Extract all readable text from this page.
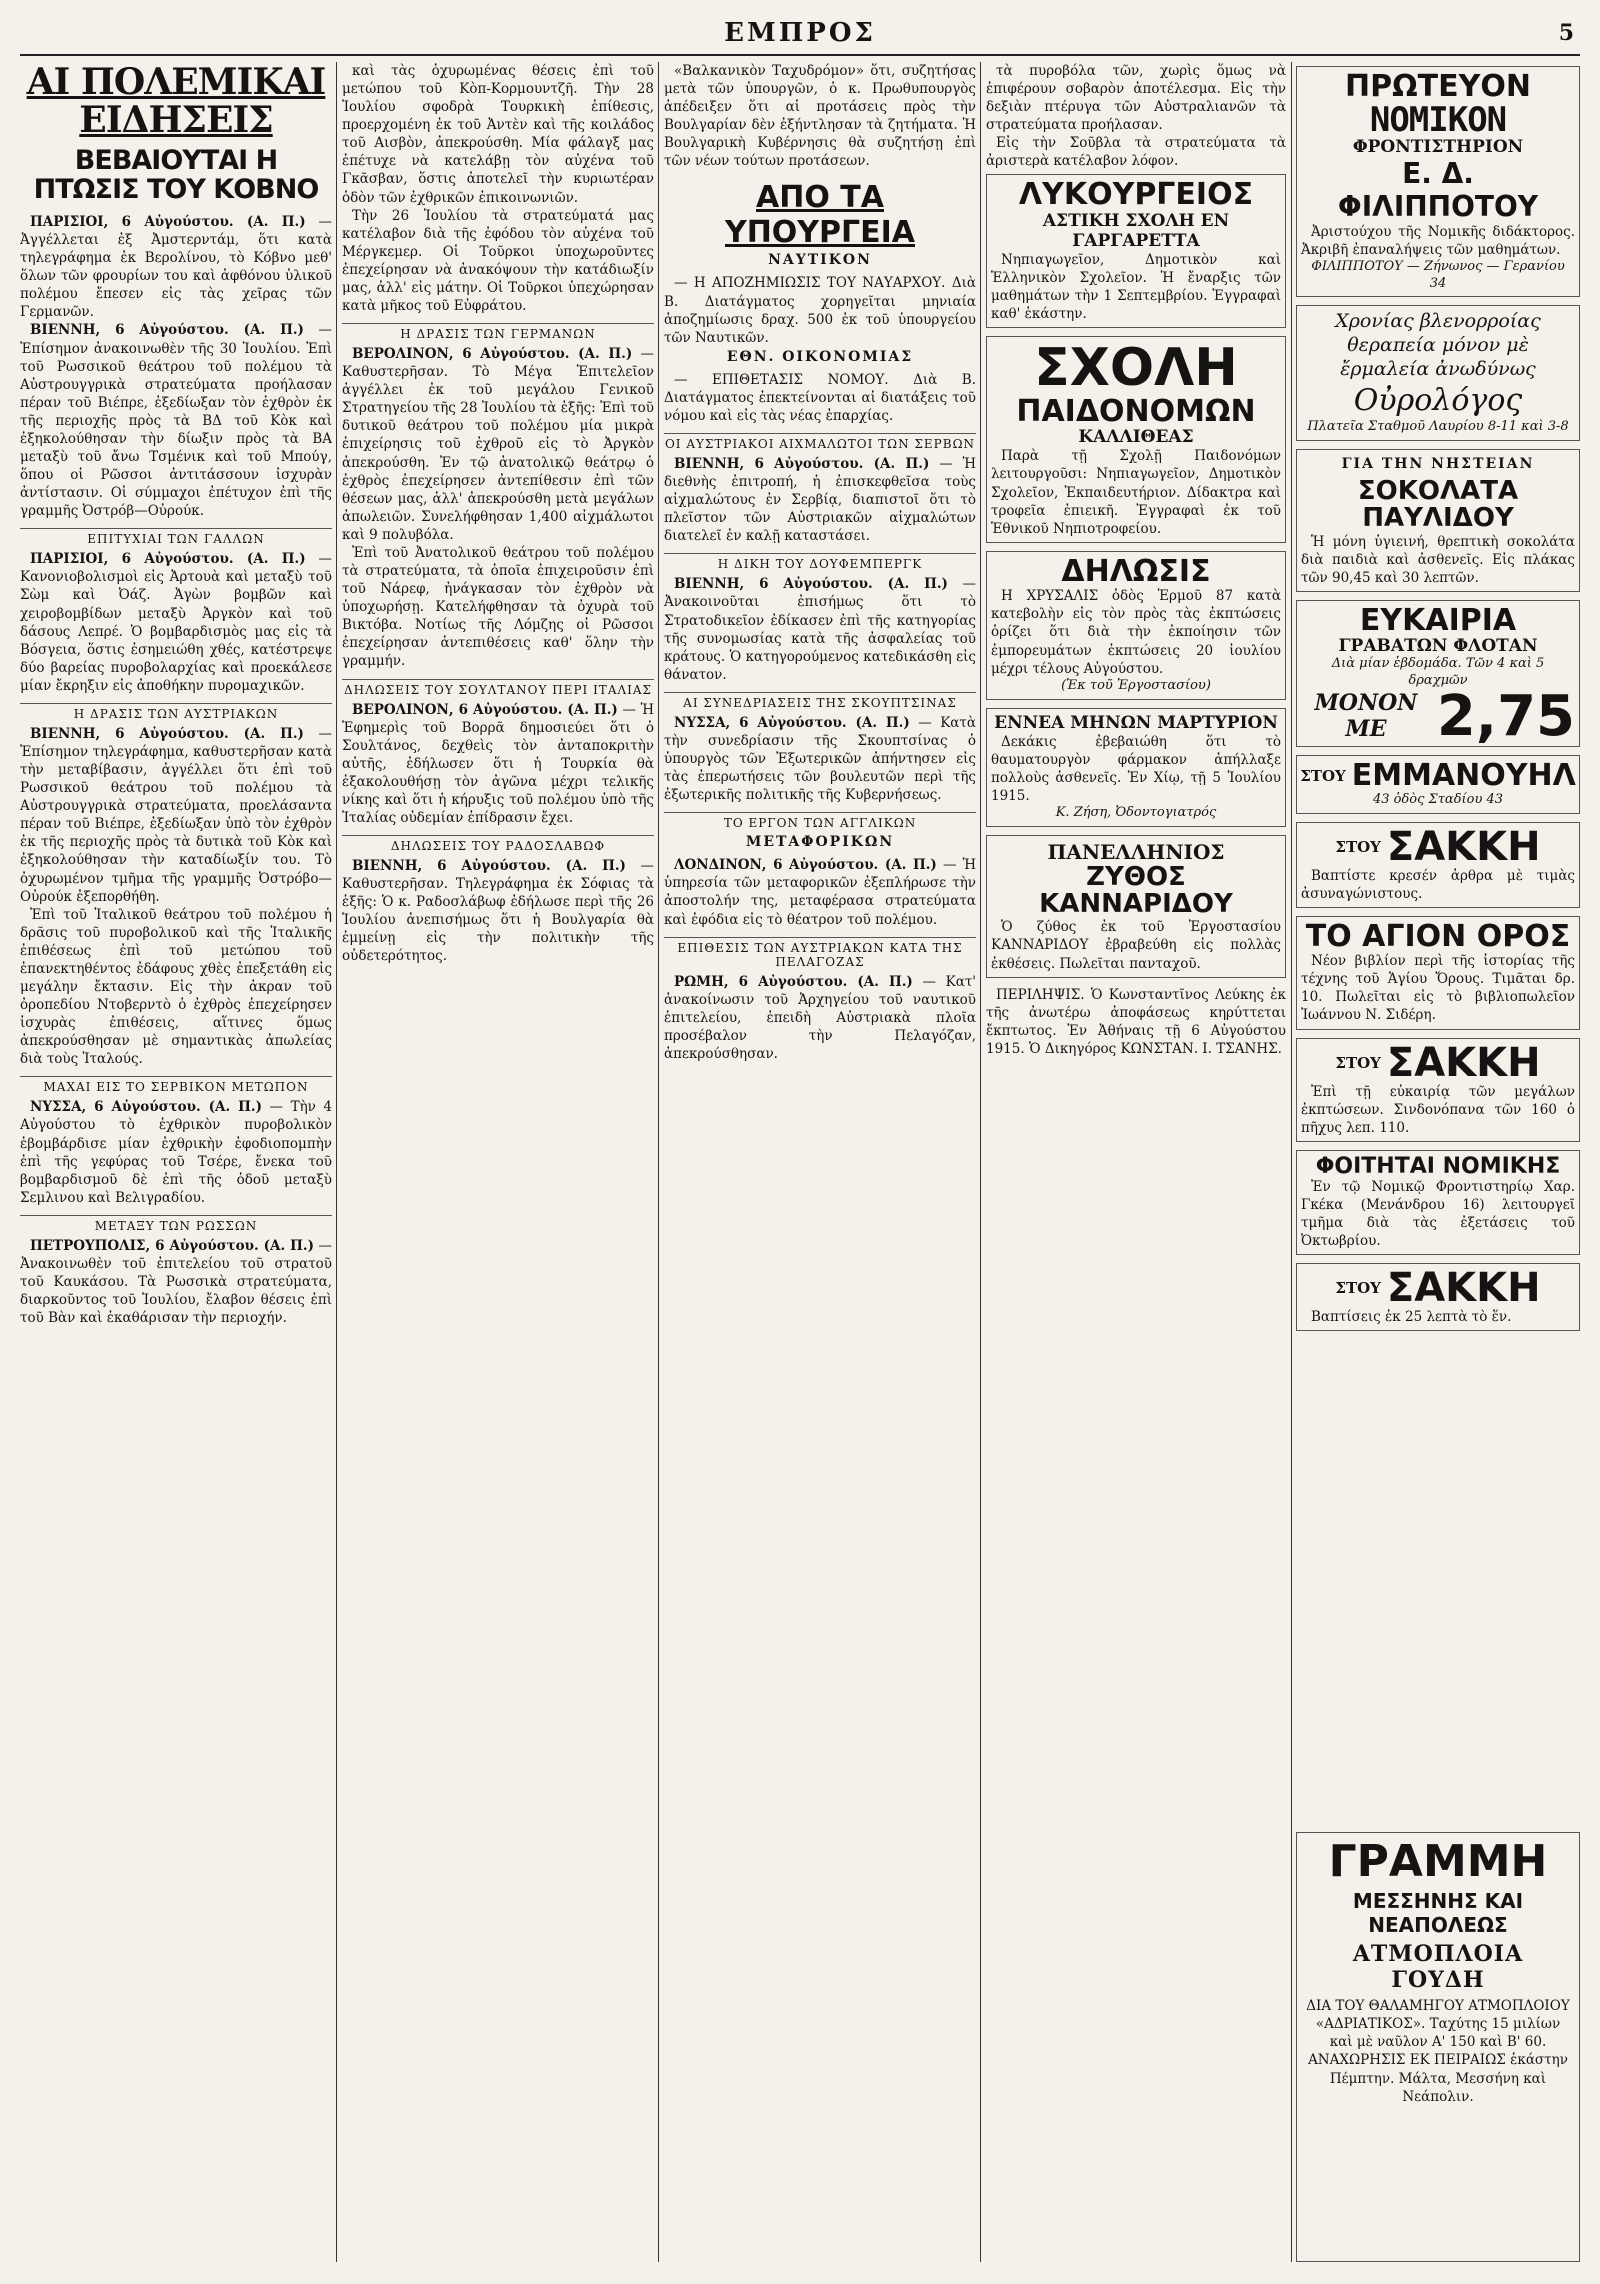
ΕΜΠΡΟΣ	5
ΑΙ ΠΟΛΕΜΙΚΑΙ ΕΙΔΗΣΕΙΣ
ΒΕΒΑΙΟΥΤΑΙ Η ΠΤΩΣΙΣ ΤΟΥ ΚΟΒΝΟ

ΠΑΡΙΣΙΟΙ, 6 Αὐγούστου. (Α. Π.) — Ἀγγέλλεται ἐξ Ἀμστερντάμ, ὅτι κατὰ τηλεγράφημα ἐκ Βερολίνου, τὸ Κόβνο μεθ' ὅλων τῶν φρουρίων του καὶ ἀφθόνου ὑλικοῦ πολέμου ἔπεσεν εἰς τὰς χεῖρας τῶν Γερμανῶν.

ΒΙΕΝΝΗ, 6 Αὐγούστου. (Α. Π.) — Ἐπίσημον ἀνακοινωθὲν τῆς 30 Ἰουλίου. Ἐπὶ τοῦ Ρωσσικοῦ θεάτρου τοῦ πολέμου τὰ Αὐστρουγγρικὰ στρατεύματα προήλασαν πέραν τοῦ Βιέπρε, ἐξεδίωξαν τὸν ἐχθρὸν ἐκ τῆς περιοχῆς πρὸς τὰ ΒΔ τοῦ Κὸκ καὶ ἐξηκολούθησαν τὴν δίωξιν πρὸς τὰ ΒΑ μεταξὺ τοῦ ἄνω Τσμένικ καὶ τοῦ Μπούγ, ὅπου οἱ Ρῶσσοι ἀντιτάσσουν ἰσχυρὰν ἀντίστασιν. Οἱ σύμμαχοι ἐπέτυχον ἐπὶ τῆς γραμμῆς Ὀστρόβ—Οὐρούκ.

ΕΠΙΤΥΧΙΑΙ ΤΩΝ ΓΑΛΛΩΝ

ΠΑΡΙΣΙΟΙ, 6 Αὐγούστου. (Α. Π.) — Κανονιοβολισμοὶ εἰς Ἀρτουὰ καὶ μεταξὺ τοῦ Σὼμ καὶ Ὀάζ. Ἀγὼν βομβῶν καὶ χειροβομβίδων μεταξὺ Ἀργκὸν καὶ τοῦ δάσους Λεπρέ. Ὁ βομβαρδισμὸς μας εἰς τὰ Βόσγεια, ὅστις ἐσημειώθη χθές, κατέστρεψε δύο βαρείας πυροβολαρχίας καὶ προεκάλεσε μίαν ἔκρηξιν εἰς ἀποθήκην πυρομαχικῶν.

Η ΔΡΑΣΙΣ ΤΩΝ ΑΥΣΤΡΙΑΚΩΝ

ΒΙΕΝΝΗ, 6 Αὐγούστου. (Α. Π.) — Ἐπίσημον τηλεγράφημα, καθυστερῆσαν κατὰ τὴν μεταβίβασιν, ἀγγέλλει ὅτι ἐπὶ τοῦ Ρωσσικοῦ θεάτρου τοῦ πολέμου τὰ Αὐστρουγγρικὰ στρατεύματα, προελάσαντα πέραν τοῦ Βιέπρε, ἐξεδίωξαν ὑπὸ τὸν ἐχθρὸν ἐκ τῆς περιοχῆς πρὸς τὰ δυτικὰ τοῦ Κὸκ καὶ ἐξηκολούθησαν τὴν καταδίωξίν του. Τὸ ὀχυρωμένον τμῆμα τῆς γραμμῆς Ὀστρόβο—Οὐρούκ ἐξεπορθήθη.

Ἐπὶ τοῦ Ἰταλικοῦ θεάτρου τοῦ πολέμου ἡ δρᾶσις τοῦ πυροβολικοῦ καὶ τῆς Ἰταλικῆς ἐπιθέσεως ἐπὶ τοῦ μετώπου τοῦ ἐπανεκτηθέντος ἐδάφους χθὲς ἐπεξετάθη εἰς μεγάλην ἔκτασιν. Εἰς τὴν ἀκραν τοῦ ὀροπεδίου Ντοβερντὸ ὁ ἐχθρὸς ἐπεχείρησεν ἰσχυρὰς ἐπιθέσεις, αἵτινες ὅμως ἀπεκρούσθησαν μὲ σημαντικὰς ἀπωλείας διὰ τοὺς Ἰταλούς.

ΜΑΧΑΙ ΕΙΣ ΤΟ ΣΕΡΒΙΚΟΝ ΜΕΤΩΠΟΝ

ΝΥΣΣΑ, 6 Αὐγούστου. (Α. Π.) — Τὴν 4 Αὐγούστου τὸ ἐχθρικὸν πυροβολικὸν ἐβομβάρδισε μίαν ἐχθρικὴν ἐφοδιοπομπὴν ἐπὶ τῆς γεφύρας τοῦ Τσέρε, ἔνεκα τοῦ βομβαρδισμοῦ δὲ ἐπὶ τῆς ὁδοῦ μεταξὺ Σεμλινου καὶ Βελιγραδίου.

ΜΕΤΑΞΥ ΤΩΝ ΡΩΣΣΩΝ

ΠΕΤΡΟΥΠΟΛΙΣ, 6 Αὐγούστου. (Α. Π.) — Ἀνακοινωθὲν τοῦ ἐπιτελείου τοῦ στρατοῦ τοῦ Καυκάσου. Τὰ Ρωσσικὰ στρατεύματα, διαρκοῦντος τοῦ Ἰουλίου, ἔλαβον θέσεις ἐπὶ τοῦ Βὰν καὶ ἐκαθάρισαν τὴν περιοχήν.

καὶ τὰς ὀχυρωμένας θέσεις ἐπὶ τοῦ μετώπου τοῦ Κὸπ-Κορμουντζῆ. Τὴν 28 Ἰουλίου σφοδρὰ Τουρκικὴ ἐπίθεσις, προερχομένη ἐκ τοῦ Ἀντὲν καὶ τῆς κοιλάδος τοῦ Αισβὸν, ἀπεκρούσθη. Μία φάλαγξ μας ἐπέτυχε νὰ κατελάβῃ τὸν αὐχένα τοῦ Γκᾶσβαν, ὅστις ἀποτελεῖ τὴν κυριωτέραν ὁδὸν τῶν ἐχθρικῶν ἐπικοινωνιῶν.

Τὴν 26 Ἰουλίου τὰ στρατεύματά μας κατέλαβον διὰ τῆς ἐφόδου τὸν αὐχένα τοῦ Μέργκεμερ. Οἱ Τοῦρκοι ὑποχωροῦντες ἐπεχείρησαν νὰ ἀνακόψουν τὴν κατάδιωξίν μας, ἀλλ' εἰς μάτην. Οἱ Τοῦρκοι ὑπεχώρησαν κατὰ μῆκος τοῦ Εὐφράτου.

Η ΔΡΑΣΙΣ ΤΩΝ ΓΕΡΜΑΝΩΝ

ΒΕΡΟΛΙΝΟΝ, 6 Αὐγούστου. (Α. Π.) — Καθυστερῆσαν. Τὸ Μέγα Ἐπιτελεῖον ἀγγέλλει ἐκ τοῦ μεγάλου Γενικοῦ Στρατηγείου τῆς 28 Ἰουλίου τὰ ἑξῆς: Ἐπὶ τοῦ δυτικοῦ θεάτρου τοῦ πολέμου μία μικρὰ ἐπιχείρησις τοῦ ἐχθροῦ εἰς τὸ Ἀργκὸν ἀπεκρούσθη. Ἐν τῷ ἀνατολικῷ θεάτρῳ ὁ ἐχθρὸς ἐπεχείρησεν ἀντεπίθεσιν ἐπὶ τῶν θέσεων μας, ἀλλ' ἀπεκρούσθη μετὰ μεγάλων ἀπωλειῶν. Συνελήφθησαν 1,400 αἰχμάλωτοι καὶ 9 πολυβόλα.

Ἐπὶ τοῦ Ἀνατολικοῦ θεάτρου τοῦ πολέμου τὰ στρατεύματα, τὰ ὁποῖα ἐπιχειροῦσιν ἐπὶ τοῦ Νάρεφ, ἠνάγκασαν τὸν ἐχθρὸν νὰ ὑποχωρήσῃ. Κατελήφθησαν τὰ ὀχυρὰ τοῦ Βικτόβα. Νοτίως τῆς Λόμζης οἱ Ρῶσσοι ἐπεχείρησαν ἀντεπιθέσεις καθ' ὅλην τὴν γραμμήν.

ΔΗΛΩΣΕΙΣ ΤΟΥ ΣΟΥΛΤΑΝΟΥ ΠΕΡΙ ΙΤΑΛΙΑΣ

ΒΕΡΟΛΙΝΟΝ, 6 Αὐγούστου. (Α. Π.) — Ἡ Ἐφημερὶς τοῦ Βορρᾶ δημοσιεύει ὅτι ὁ Σουλτάνος, δεχθεὶς τὸν ἀνταποκριτὴν αὐτῆς, ἐδήλωσεν ὅτι ἡ Τουρκία θὰ ἐξακολουθήσῃ τὸν ἀγῶνα μέχρι τελικῆς νίκης καὶ ὅτι ἡ κήρυξις τοῦ πολέμου ὑπὸ τῆς Ἰταλίας οὐδεμίαν ἐπίδρασιν ἔχει.

ΔΗΛΩΣΕΙΣ ΤΟΥ ΡΑΔΟΣΛΑΒΩΦ

ΒΙΕΝΝΗ, 6 Αὐγούστου. (Α. Π.) — Καθυστερῆσαν. Τηλεγράφημα ἐκ Σόφιας τὰ ἑξῆς: Ὁ κ. Ραδοσλάβωφ ἐδήλωσε περὶ τῆς 26 Ἰουλίου ἀνεπισήμως ὅτι ἡ Βουλγαρία θὰ ἐμμείνῃ εἰς τὴν πολιτικὴν τῆς οὐδετερότητος.

«Βαλκανικὸν Ταχυδρόμον» ὅτι, συζητήσας μετὰ τῶν ὑπουργῶν, ὁ κ. Πρωθυπουργὸς ἀπέδειξεν ὅτι αἱ προτάσεις πρὸς τὴν Βουλγαρίαν δὲν ἐξήντλησαν τὰ ζητήματα. Ἡ Βουλγαρικὴ Κυβέρνησις θὰ συζητήσῃ ἐπὶ τῶν νέων τούτων προτάσεων.

ΑΠΟ ΤΑ ΥΠΟΥΡΓΕΙΑ
ΝΑΥΤΙΚΟΝ

— Η ΑΠΟΖΗΜΙΩΣΙΣ ΤΟΥ ΝΑΥΑΡΧΟΥ. Διὰ Β. Διατάγματος χορηγεῖται μηνιαία ἀποζημίωσις δραχ. 500 ἐκ τοῦ ὑπουργείου τῶν Ναυτικῶν.

ΕΘΝ. ΟΙΚΟΝΟΜΙΑΣ

— ΕΠΙΘΕΤΑΣΙΣ ΝΟΜΟΥ. Διὰ Β. Διατάγματος ἐπεκτείνονται αἱ διατάξεις τοῦ νόμου καὶ εἰς τὰς νέας ἐπαρχίας.

ΟΙ ΑΥΣΤΡΙΑΚΟΙ ΑΙΧΜΑΛΩΤΟΙ ΤΩΝ ΣΕΡΒΩΝ

ΒΙΕΝΝΗ, 6 Αὐγούστου. (Α. Π.) — Ἡ διεθνὴς ἐπιτροπή, ἡ ἐπισκεφθεῖσα τοὺς αἰχμαλώτους ἐν Σερβίᾳ, διαπιστοῖ ὅτι τὸ πλεῖστον τῶν Αὐστριακῶν αἰχμαλώτων διατελεῖ ἐν καλῇ καταστάσει.

Η ΔΙΚΗ ΤΟΥ ΔΟΥΦΕΜΠΕΡΓΚ

ΒΙΕΝΝΗ, 6 Αὐγούστου. (Α. Π.) — Ἀνακοινοῦται ἐπισήμως ὅτι τὸ Στρατοδικεῖον ἐδίκασεν ἐπὶ τῆς κατηγορίας τῆς συνομωσίας κατὰ τῆς ἀσφαλείας τοῦ κράτους. Ὁ κατηγορούμενος κατεδικάσθη εἰς θάνατον.

ΑΙ ΣΥΝΕΔΡΙΑΣΕΙΣ ΤΗΣ ΣΚΟΥΠΤΣΙΝΑΣ

ΝΥΣΣΑ, 6 Αὐγούστου. (Α. Π.) — Κατὰ τὴν συνεδρίασιν τῆς Σκουπτσίνας ὁ ὑπουργὸς τῶν Ἐξωτερικῶν ἀπήντησεν εἰς τὰς ἐπερωτήσεις τῶν βουλευτῶν περὶ τῆς ἐξωτερικῆς πολιτικῆς τῆς Κυβερνήσεως.

ΤΟ ΕΡΓΟΝ ΤΩΝ ΑΓΓΛΙΚΩΝ
ΜΕΤΑΦΟΡΙΚΩΝ

ΛΟΝΔΙΝΟΝ, 6 Αὐγούστου. (Α. Π.) — Ἡ ὑπηρεσία τῶν μεταφορικῶν ἐξεπλήρωσε τὴν ἀποστολήν της, μεταφέρασα στρατεύματα καὶ ἐφόδια εἰς τὸ θέατρον τοῦ πολέμου.

ΕΠΙΘΕΣΙΣ ΤΩΝ ΑΥΣΤΡΙΑΚΩΝ ΚΑΤΑ ΤΗΣ ΠΕΛΑΓΟΖΑΣ

ΡΩΜΗ, 6 Αὐγούστου. (Α. Π.) — Κατ' ἀνακοίνωσιν τοῦ Ἀρχηγείου τοῦ ναυτικοῦ ἐπιτελείου, ἐπειδὴ Αὐστριακὰ πλοῖα προσέβαλον τὴν Πελαγόζαν, ἀπεκρούσθησαν.

τὰ πυροβόλα τῶν, χωρὶς ὅμως νὰ ἐπιφέρουν σοβαρὸν ἀποτέλεσμα. Εἰς τὴν δεξιὰν πτέρυγα τῶν Αὐστραλιανῶν τὰ στρατεύματα προήλασαν.

Εἰς τὴν Σοῦβλα τὰ στρατεύματα τὰ ἀριστερὰ κατέλαβον λόφον.

ΛΥΚΟΥΡΓΕΙΟΣ
ΑΣΤΙΚΗ ΣΧΟΛΗ ΕΝ ΓΑΡΓΑΡΕΤΤΑ

Νηπιαγωγεῖον, Δημοτικὸν καὶ Ἑλληνικὸν Σχολεῖον. Ἡ ἔναρξις τῶν μαθημάτων τὴν 1 Σεπτεμβρίου. Ἐγγραφαὶ καθ' ἑκάστην.

ΣΧΟΛΗ
ΠΑΙΔΟΝΟΜΩΝ
ΚΑΛΛΙΘΕΑΣ

Παρὰ τῇ Σχολῇ Παιδονόμων λειτουργοῦσι: Νηπιαγωγεῖον, Δημοτικὸν Σχολεῖον, Ἐκπαιδευτήριον. Δίδακτρα καὶ τροφεῖα ἐπιεικῆ. Ἐγγραφαὶ ἐκ τοῦ Ἑθνικοῦ Νηπιοτροφείου.

ΔΗΛΩΣΙΣ

Η ΧΡΥΣΑΛΙΣ ὁδὸς Ἑρμοῦ 87 κατὰ κατεβολὴν εἰς τὸν πρὸς τὰς ἐκπτώσεις ὁρίζει ὅτι διὰ τὴν ἐκποίησιν τῶν ἐμπορευμάτων ἐκπτώσεις 20 ἰουλίου μέχρι τέλους Αὐγούστου.

(Ἐκ τοῦ Ἐργοστασίου)
ΕΝΝΕΑ ΜΗΝΩΝ ΜΑΡΤΥΡΙΟΝ

Δεκάκις ἐβεβαιώθη ὅτι τὸ θαυματουργὸν φάρμακον ἀπήλλαξε πολλοὺς ἀσθενεῖς. Ἐν Χίῳ, τῇ 5 Ἰουλίου 1915.

Κ. Ζήση, Ὀδοντογιατρός
ΠΑΝΕΛΛΗΝΙΟΣ
ΖΥΘΟΣ ΚΑΝΝΑΡΙΔΟΥ

Ὁ ζύθος ἐκ τοῦ Ἐργοστασίου ΚΑΝΝΑΡΙΔΟΥ ἐβραβεύθη εἰς πολλὰς ἐκθέσεις. Πωλεῖται πανταχοῦ.

ΠΕΡΙΛΗΨΙΣ. Ὁ Κωνσταντῖνος Λεύκης ἐκ τῆς ἀνωτέρω ἀποφάσεως κηρύττεται ἔκπτωτος. Ἐν Ἀθήναις τῇ 6 Αὐγούστου 1915. Ὁ Δικηγόρος ΚΩΝΣΤΑΝ. Ι. ΤΣΑΝΗΣ.

ΠΡΩΤΕΥΟΝ
ΝΟΜΙΚΟΝ
ΦΡΟΝΤΙΣΤΗΡΙΟΝ
Ε. Δ. ΦΙΛΙΠΠΟΤΟΥ

Ἀριστούχου τῆς Νομικῆς διδάκτορος. Ἀκριβῆ ἐπαναλήψεις τῶν μαθημάτων.

ΦΙΛΙΠΠΟΤΟΥ — Ζήνωνος — Γερανίου 34
Χρονίας βλενορροίας θεραπεία μόνον μὲ ἔρμαλεία ἀνωδύνως
Οὐρολόγος
Πλατεῖα Σταθμοῦ Λαυρίου 8-11 καὶ 3-8
ΓΙΑ ΤΗΝ ΝΗΣΤΕΙΑΝ
ΣΟΚΟΛΑΤΑ ΠΑΥΛΙΔΟΥ

Ἡ μόνη ὑγιεινή, θρεπτικὴ σοκολάτα διὰ παιδιὰ καὶ ἀσθενεῖς. Εἰς πλάκας τῶν 90,45 καὶ 30 λεπτῶν.

ΕΥΚΑΙΡΙΑ
ΓΡΑΒΑΤΩΝ ΦΛΟΤΑΝ
Διὰ μίαν ἑβδομάδα. Τῶν 4 καὶ 5 δραχμῶν
ΜΟΝΟΝ ΜΕ 2,75
ΣΤΟΥ ΕΜΜΑΝΟΥΗΛ
43 ὁδὸς Σταδίου 43
ΣΤΟΥ ΣΑΚΚΗ

Βαπτίστε κρεσέν ἀρθρα μὲ τιμὰς ἀσυναγώνιστους.

ΤΟ ΑΓΙΟΝ ΟΡΟΣ

Νέον βιβλίον περὶ τῆς ἱστορίας τῆς τέχνης τοῦ Ἁγίου Ὄρους. Τιμᾶται δρ. 10. Πωλεῖται εἰς τὸ βιβλιοπωλεῖον Ἰωάννου Ν. Σιδέρη.

ΣΤΟΥ ΣΑΚΚΗ

Ἐπὶ τῇ εὐκαιρίᾳ τῶν μεγάλων ἐκπτώσεων. Σινδονόπανα τῶν 160 ὁ πῆχυς λεπ. 110.

ΦΟΙΤΗΤΑΙ ΝΟΜΙΚΗΣ

Ἐν τῷ Νομικῷ Φροντιστηρίῳ Χαρ. Γκέκα (Μενάνδρου 16) λειτουργεῖ τμῆμα διὰ τὰς ἐξετάσεις τοῦ Ὀκτωβρίου.

ΣΤΟΥ ΣΑΚΚΗ

Βαπτίσεις ἐκ 25 λεπτὰ τὸ ἕν.

ΓΡΑΜΜΗ
ΜΕΣΣΗΝΗΣ ΚΑΙ ΝΕΑΠΟΛΕΩΣ
ΑΤΜΟΠΛΟΙΑ ΓΟΥΔΗ

ΔΙΑ ΤΟΥ ΘΑΛΑΜΗΓΟΥ ΑΤΜΟΠΛΟΙΟΥ «ΑΔΡΙΑΤΙΚΟΣ». Ταχύτης 15 μιλίων καὶ μὲ ναῦλον Α' 150 καὶ Β' 60. ΑΝΑΧΩΡΗΣΙΣ ΕΚ ΠΕΙΡΑΙΩΣ ἑκάστην Πέμπτην. Μάλτα, Μεσσήνη καὶ Νεάπολιν.
